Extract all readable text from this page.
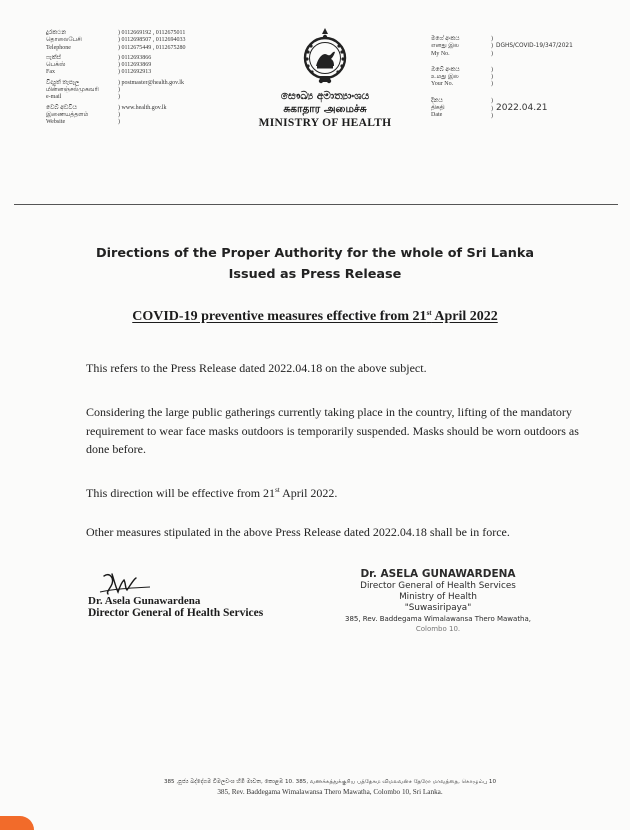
දුරකථන
தொலைபேசி
Telephone
) 0112669192 , 0112675011
) 0112698507 , 0112694033
) 0112675449 , 0112675280
ෆැක්ස්
பெக்ஸ்
Fax
) 0112693866
) 0112693869
) 0112692913
විද්‍යුත් තැපෑල
மின்னஞ்சல்முகவரி
e-mail
) postmaster@health.gov.lk
)
)
වෙබ් අඩවිය
இணையத்தளம்
Website
) www.health.gov.lk
)
)
සෞඛ්‍ය අමාත්‍යාංශය
சுகாதார அமைச்சு
MINISTRY OF HEALTH
මගේ අංකය
எனது இல
My No.
)
)  DGHS/COVID-19/347/2021
)
ඔබේ අංකය
உமது இல
Your No.
)
)
)
දිනය
திகதி
Date
)
)  2022.04.21
)
Directions of the Proper Authority for the whole of Sri Lanka
Issued as Press Release
COVID-19 preventive measures effective from 21st April 2022
This refers to the Press Release dated 2022.04.18 on the above subject.
Considering the large public gatherings currently taking place in the country, lifting of the mandatory requirement to wear face masks outdoors is temporarily suspended. Masks should be worn outdoors as done before.
This direction will be effective from 21st April 2022.
Other measures stipulated in the above Press Release dated 2022.04.18 shall be in force.
Dr. Asela Gunawardena
Director General of Health Services
Dr. ASELA GUNAWARDENA
Director General of Health Services
Ministry of Health
"Suwasiripaya"
385, Rev. Baddegama Wimalawansa Thero Mawatha,
Colombo 10.
385 ,පූජ්‍ය බද්දේගම විමලවංශ හිමි මාවත, කොළඹ 10. 385, வணக்கத்துக்குரிய பத்தேகம விமலவன்ச தேரோ மாவத்தை, கொழும்பு 10
385, Rev. Baddegama Wimalawansa Thero Mawatha, Colombo 10, Sri Lanka.
